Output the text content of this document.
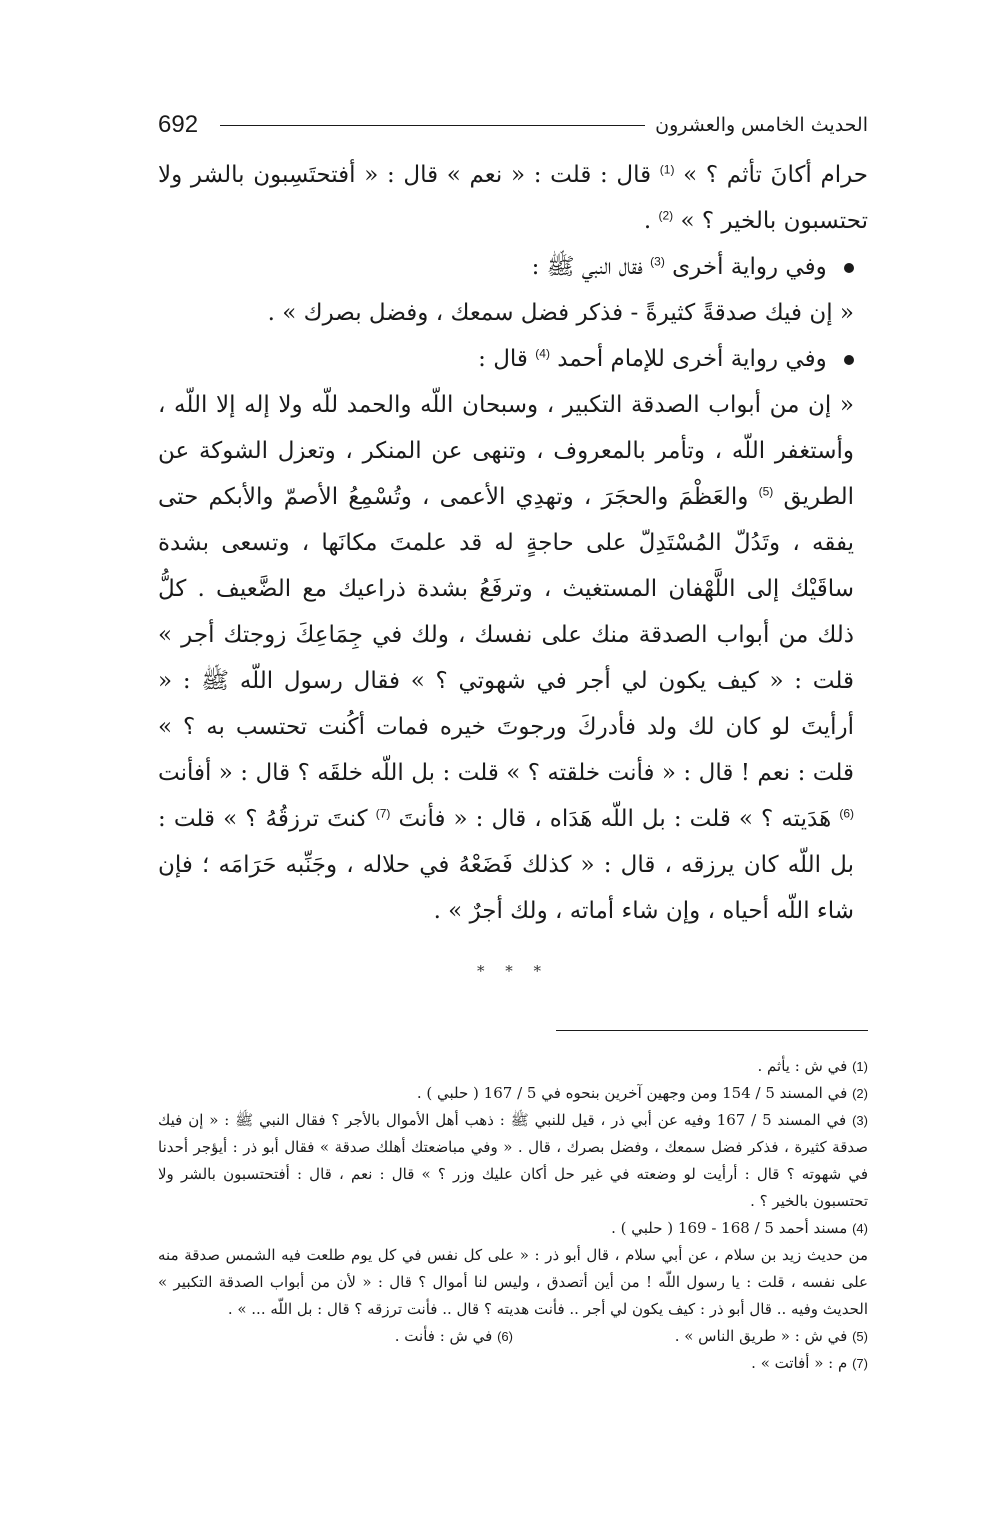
692	الحديث الخامس والعشرون

حرام أكانَ تأثم ؟ » $^{(1)}$ قال : قلت : « نعم » قال : « أفتحتَسِبون بالشر ولا تحتسبون بالخير ؟ » $^{(2)}$ .

وفي رواية أخرى $^{(3)}$ فقال النبي ﷺ :

« إن فيك صدقةً كثيرةً - فذكر فضل سمعك ، وفضل بصرك » .

وفي رواية أخرى للإمام أحمد $^{(4)}$ قال :

« إن من أبواب الصدقة التكبير ، وسبحان اللّه والحمد للّه ولا إله إلا اللّه ، وأستغفر اللّه ، وتأمر بالمعروف ، وتنهى عن المنكر ، وتعزل الشوكة عن الطريق $^{(5)}$ والعَظْمَ والحجَرَ ، وتهدِي الأعمى ، وتُسْمِعُ الأصمّ والأبكم حتى يفقه ، وتَدُلّ المُسْتَدِلّ على حاجةٍ له قد علمتَ مكانَها ، وتسعى بشدة ساقَيْك إلى اللَّهْفان المستغيث ، وترفَعُ بشدة ذراعيك مع الضَّعيف . كلُّ ذلك من أبواب الصدقة منك على نفسك ، ولك في جِمَاعِكَ زوجتك أجر » قلت : « كيف يكون لي أجر في شهوتي ؟ » فقال رسول اللّه ﷺ : « أرأيتَ لو كان لك ولد فأدركَ ورجوتَ خيره فمات أكُنت تحتسب به ؟ » قلت : نعم ! قال : « فأنت خلقته ؟ » قلت : بل اللّه خلقَه ؟ قال : « أفأنت $^{(6)}$ هَدَيته ؟ » قلت : بل اللّه هَدَاه ، قال : « فأنتَ $^{(7)}$ كنتَ ترزقُهُ ؟ » قلت : بل اللّه كان يرزقه ، قال : « كذلك فَضَعْهُ في حلاله ، وجَنِّبه حَرَامَه ؛ فإن شاء اللّه أحياه ، وإن شاء أماته ، ولك أجرٌ » .

* * *

(1) في ش : يأثم .

(2) في المسند 5 / 154 ومن وجهين آخرين بنحوه في 5 / 167 ( حلبي ) .

(3) في المسند 5 / 167 وفيه عن أبي ذر ، قيل للنبي ﷺ : ذهب أهل الأموال بالأجر ؟ فقال النبي ﷺ : « إن فيك صدقة كثيرة ، فذكر فضل سمعك ، وفضل بصرك ، قال . « وفي مباضعتك أهلك صدقة » فقال أبو ذر : أيؤجر أحدنا في شهوته ؟ قال : أرأيت لو وضعته في غير حل أكان عليك وزر ؟ » قال : نعم ، قال : أفتحتسبون بالشر ولا تحتسبون بالخير ؟ .

(4) مسند أحمد 5 / 168 - 169 ( حلبي ) .

من حديث زيد بن سلام ، عن أبي سلام ، قال أبو ذر : « على كل نفس في كل يوم طلعت فيه الشمس صدقة منه على نفسه ، قلت : يا رسول اللّه ! من أين أتصدق ، وليس لنا أموال ؟ قال : « لأن من أبواب الصدقة التكبير » الحديث وفيه .. قال أبو ذر : كيف يكون لي أجر .. فأنت هديته ؟ قال .. فأنت ترزقه ؟ قال : بل اللّه ... » .

(5) في ش : « طريق الناس » .

(6) في ش : فأنت .

(7) م : « أفاتت » .
